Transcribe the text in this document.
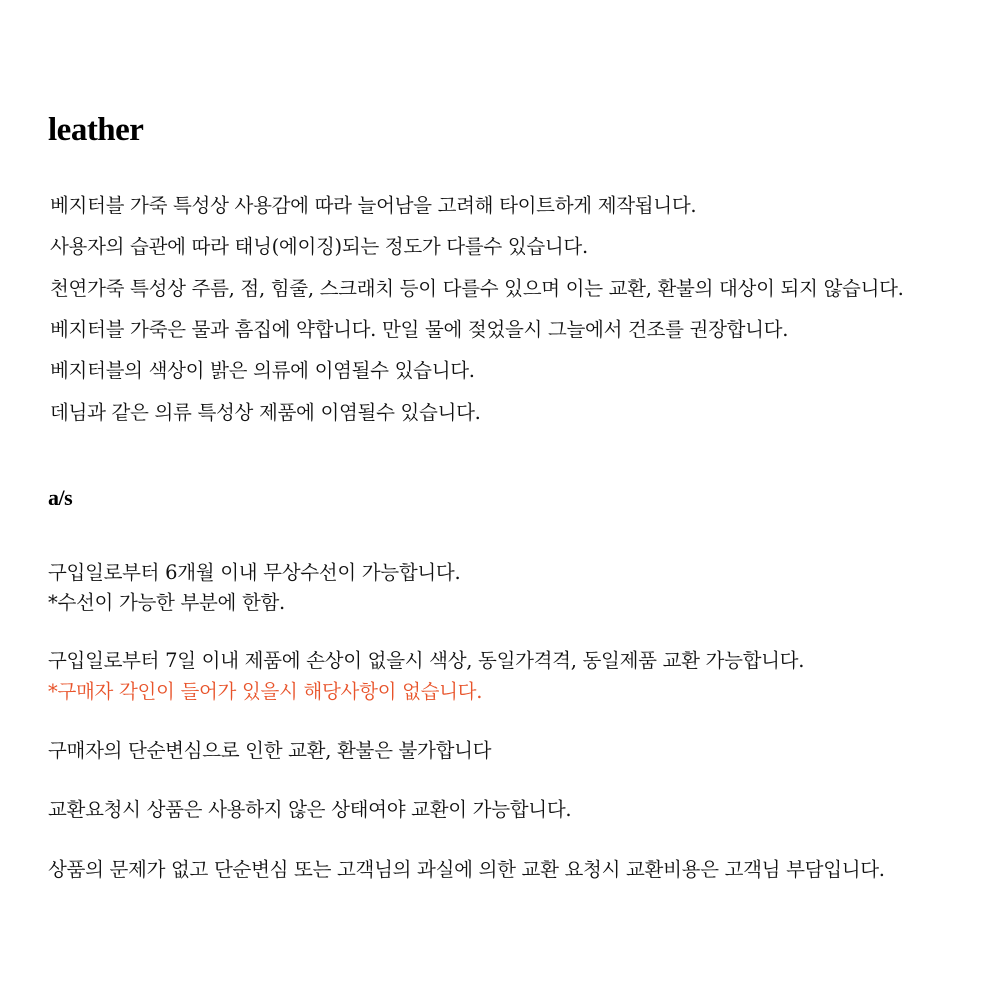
leather

베지터블 가죽 특성상 사용감에 따라 늘어남을 고려해 타이트하게 제작됩니다.

사용자의 습관에 따라 태닝(에이징)되는 정도가 다를수 있습니다.

천연가죽 특성상 주름, 점, 힘줄, 스크래치 등이 다를수 있으며 이는 교환, 환불의 대상이 되지 않습니다.

베지터블 가죽은 물과 흠집에 약합니다. 만일 물에 젖었을시 그늘에서 건조를 권장합니다.

베지터블의 색상이 밝은 의류에 이염될수 있습니다.

데님과 같은 의류 특성상 제품에 이염될수 있습니다.

a/s

구입일로부터 6개월 이내 무상수선이 가능합니다.

*수선이 가능한 부분에 한함.

구입일로부터 7일 이내 제품에 손상이 없을시 색상, 동일가격격, 동일제품 교환 가능합니다.

*구매자 각인이 들어가 있을시 해당사항이 없습니다.

구매자의 단순변심으로 인한 교환, 환불은 불가합니다

교환요청시 상품은 사용하지 않은 상태여야 교환이 가능합니다.

상품의 문제가 없고 단순변심 또는 고객님의 과실에 의한 교환 요청시 교환비용은 고객님 부담입니다.
